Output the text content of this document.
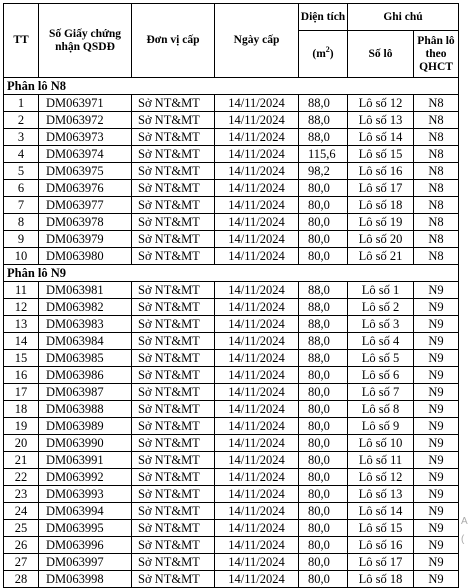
TT	Số Giấy chứng nhận QSDĐ	Đơn vị cấp	Ngày cấp	Diện tích	Ghi chú	
				$(m^2)$	Số lô	Phân lô theo QHCT
Phân lô N8						
1	DM063971	Sở NT&MT	14/11/2024	88,0	Lô số 12	N8
2	DM063972	Sở NT&MT	14/11/2024	88,0	Lô số 13	N8
3	DM063973	Sở NT&MT	14/11/2024	88,0	Lô số 14	N8
4	DM063974	Sở NT&MT	14/11/2024	115,6	Lô số 15	N8
5	DM063975	Sở NT&MT	14/11/2024	98,2	Lô số 16	N8
6	DM063976	Sở NT&MT	14/11/2024	80,0	Lô số 17	N8
7	DM063977	Sở NT&MT	14/11/2024	80,0	Lô số 18	N8
8	DM063978	Sở NT&MT	14/11/2024	80,0	Lô số 19	N8
9	DM063979	Sở NT&MT	14/11/2024	80,0	Lô số 20	N8
10	DM063980	Sở NT&MT	14/11/2024	80,0	Lô số 21	N8
Phân lô N9						
11	DM063981	Sở NT&MT	14/11/2024	88,0	Lô số 1	N9
12	DM063982	Sở NT&MT	14/11/2024	88,0	Lô số 2	N9
13	DM063983	Sở NT&MT	14/11/2024	88,0	Lô số 3	N9
14	DM063984	Sở NT&MT	14/11/2024	88,0	Lô số 4	N9
15	DM063985	Sở NT&MT	14/11/2024	88,0	Lô số 5	N9
16	DM063986	Sở NT&MT	14/11/2024	80,0	Lô số 6	N9
17	DM063987	Sở NT&MT	14/11/2024	80,0	Lô số 7	N9
18	DM063988	Sở NT&MT	14/11/2024	80,0	Lô số 8	N9
19	DM063989	Sở NT&MT	14/11/2024	80,0	Lô số 9	N9
20	DM063990	Sở NT&MT	14/11/2024	80,0	Lô số 10	N9
21	DM063991	Sở NT&MT	14/11/2024	80,0	Lô số 11	N9
22	DM063992	Sở NT&MT	14/11/2024	80,0	Lô số 12	N9
23	DM063993	Sở NT&MT	14/11/2024	80,0	Lô số 13	N9
24	DM063994	Sở NT&MT	14/11/2024	80,0	Lô số 14	N9
25	DM063995	Sở NT&MT	14/11/2024	80,0	Lô số 15	N9
26	DM063996	Sở NT&MT	14/11/2024	80,0	Lô số 16	N9
27	DM063997	Sở NT&MT	14/11/2024	80,0	Lô số 17	N9
28	DM063998	Sở NT&MT	14/11/2024	80,0	Lô số 18	N9
A
(
